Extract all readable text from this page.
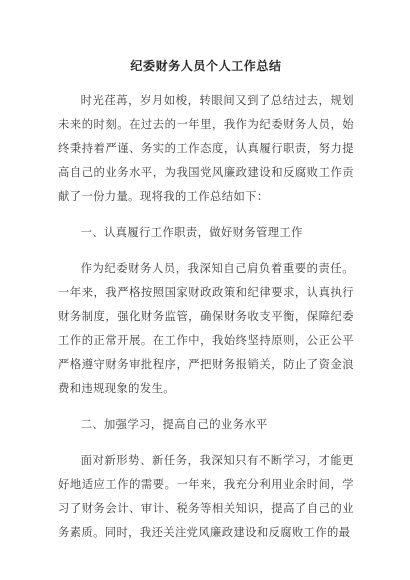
纪委财务人员个人工作总结

时光荏苒，岁月如梭，转眼间又到了总结过去，规划未来的时刻。在过去的一年里，我作为纪委财务人员，始终秉持着严谨、务实的工作态度，认真履行职责，努力提高自己的业务水平，为我国党风廉政建设和反腐败工作贡献了一份力量。现将我的工作总结如下：

一、认真履行工作职责，做好财务管理工作

作为纪委财务人员，我深知自己肩负着重要的责任。一年来，我严格按照国家财政政策和纪律要求，认真执行财务制度，强化财务监管，确保财务收支平衡，保障纪委工作的正常开展。在工作中，我始终坚持原则，公正公平严格遵守财务审批程序，严把财务报销关，防止了资金浪费和违规现象的发生。

二、加强学习，提高自己的业务水平

面对新形势、新任务，我深知只有不断学习，才能更好地适应工作的需要。一年来，我充分利用业余时间，学习了财务会计、审计、税务等相关知识，提高了自己的业务素质。同时，我还关注党风廉政建设和反腐败工作的最
